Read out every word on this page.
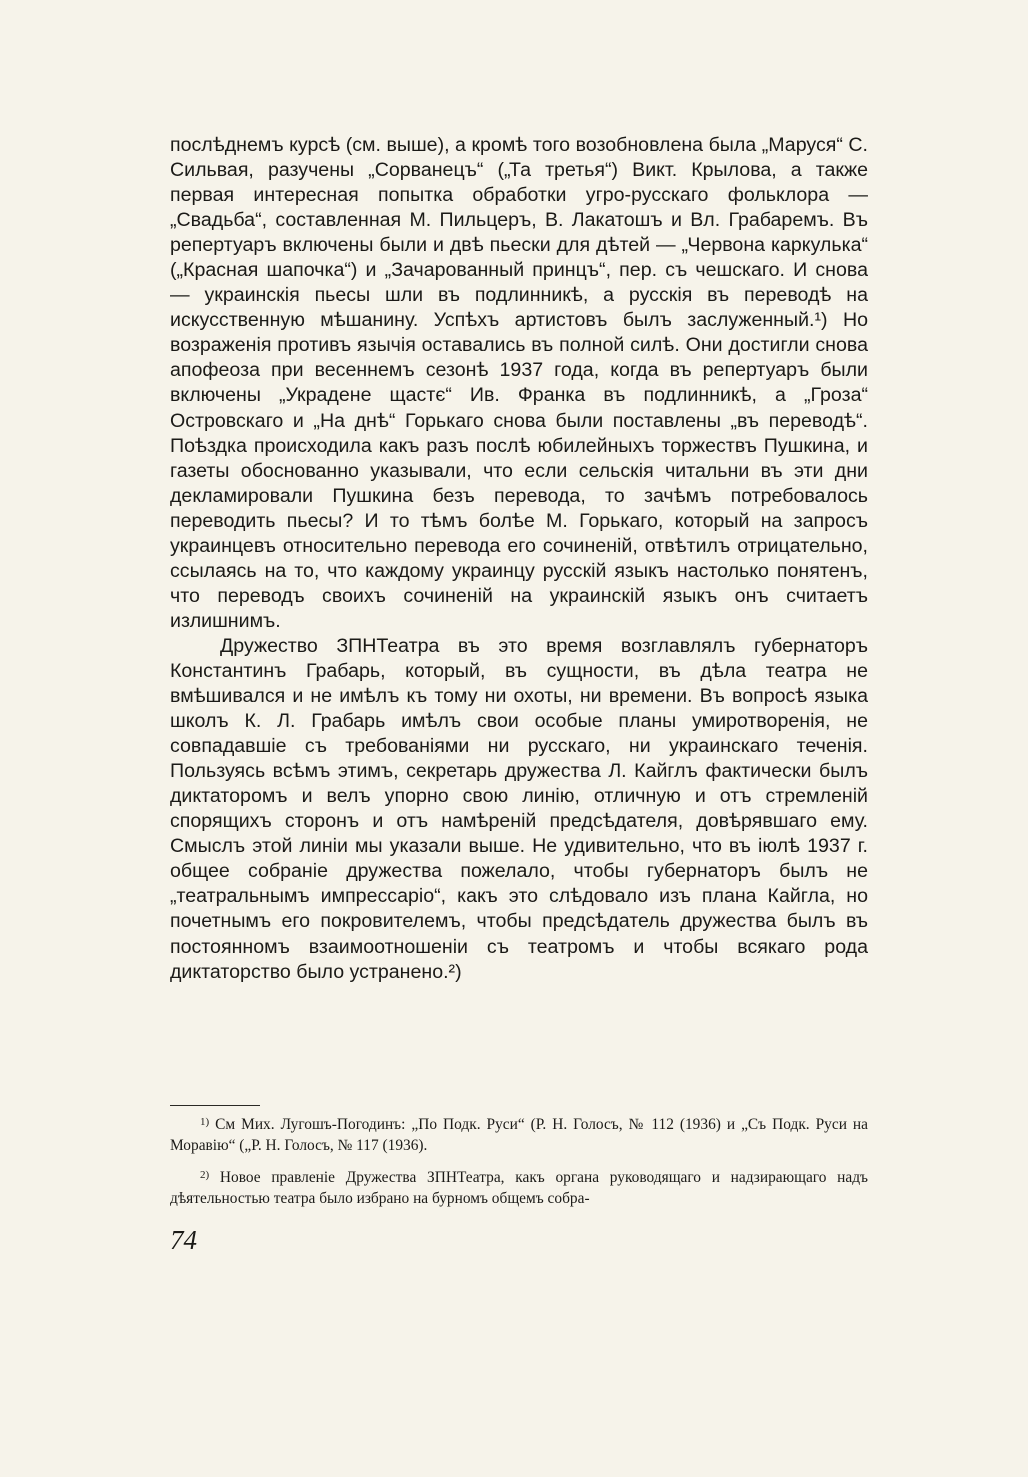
послѣднемъ курсѣ (см. выше), а кромѣ того возобновлена была „Маруся“ С. Сильвая, разучены „Сорванецъ“ („Та третья“) Викт. Крылова, а также первая интересная попытка обработки угро-русскаго фольклора — „Свадьба“, составленная М. Пильцеръ, В. Лакатошъ и Вл. Грабаремъ. Въ репертуаръ включены были и двѣ пьески для дѣтей — „Червона каркулька“ („Красная шапочка“) и „Зачарованный принцъ“, пер. съ чешскаго. И снова — украинскія пьесы шли въ подлинникѣ, а русскія въ переводѣ на искусственную мѣшанину. Успѣхъ артистовъ былъ заслуженный.¹) Но возраженія противъ язычія оставались въ полной силѣ. Они достигли снова апофеоза при весеннемъ сезонѣ 1937 года, когда въ репертуаръ были включены „Украдене щастє“ Ив. Франка въ подлинникѣ, а „Гроза“ Островскаго и „На днѣ“ Горькаго снова были поставлены „въ переводѣ“. Поѣздка происходила какъ разъ послѣ юбилейныхъ торжествъ Пушкина, и газеты обоснованно указывали, что если сельскія читальни въ эти дни декламировали Пушкина безъ перевода, то зачѣмъ потребовалось переводить пьесы? И то тѣмъ болѣе М. Горькаго, который на запросъ украинцевъ относительно перевода его сочиненій, отвѣтилъ отрицательно, ссылаясь на то, что каждому украинцу русскій языкъ настолько понятенъ, что переводъ своихъ сочиненій на украинскій языкъ онъ считаетъ излишнимъ.

Дружество ЗПНТеатра въ это время возглавлялъ губернаторъ Константинъ Грабарь, который, въ сущности, въ дѣла театра не вмѣшивался и не имѣлъ къ тому ни охоты, ни времени. Въ вопросѣ языка школъ К. Л. Грабарь имѣлъ свои особые планы умиротворенія, не совпадавшіе съ требованіями ни русскаго, ни украинскаго теченія. Пользуясь всѣмъ этимъ, секретарь дружества Л. Кайглъ фактически былъ диктаторомъ и велъ упорно свою линію, отличную и отъ стремленій спорящихъ сторонъ и отъ намѣреній предсѣдателя, довѣрявшаго ему. Смыслъ этой линіи мы указали выше. Не удивительно, что въ іюлѣ 1937 г. общее собраніе дружества пожелало, чтобы губернаторъ былъ не „театральнымъ импрессаріо“, какъ это слѣдовало изъ плана Кайгла, но почетнымъ его покровителемъ, чтобы предсѣдатель дружества былъ въ постоянномъ взаимоотношеніи съ театромъ и чтобы всякаго рода диктаторство было устранено.²)

$^{1)}$ См Мих. Лугошъ-Погодинъ: „По Подк. Руси“ (Р. Н. Голосъ, № 112 (1936) и „Съ Подк. Руси на Моравію“ („Р. Н. Голосъ, № 117 (1936).

$^{2)}$ Новое правленіе Дружества ЗПНТеатра, какъ органа руководящаго и надзирающаго надъ дѣятельностью театра было избрано на бурномъ общемъ собра-

74
